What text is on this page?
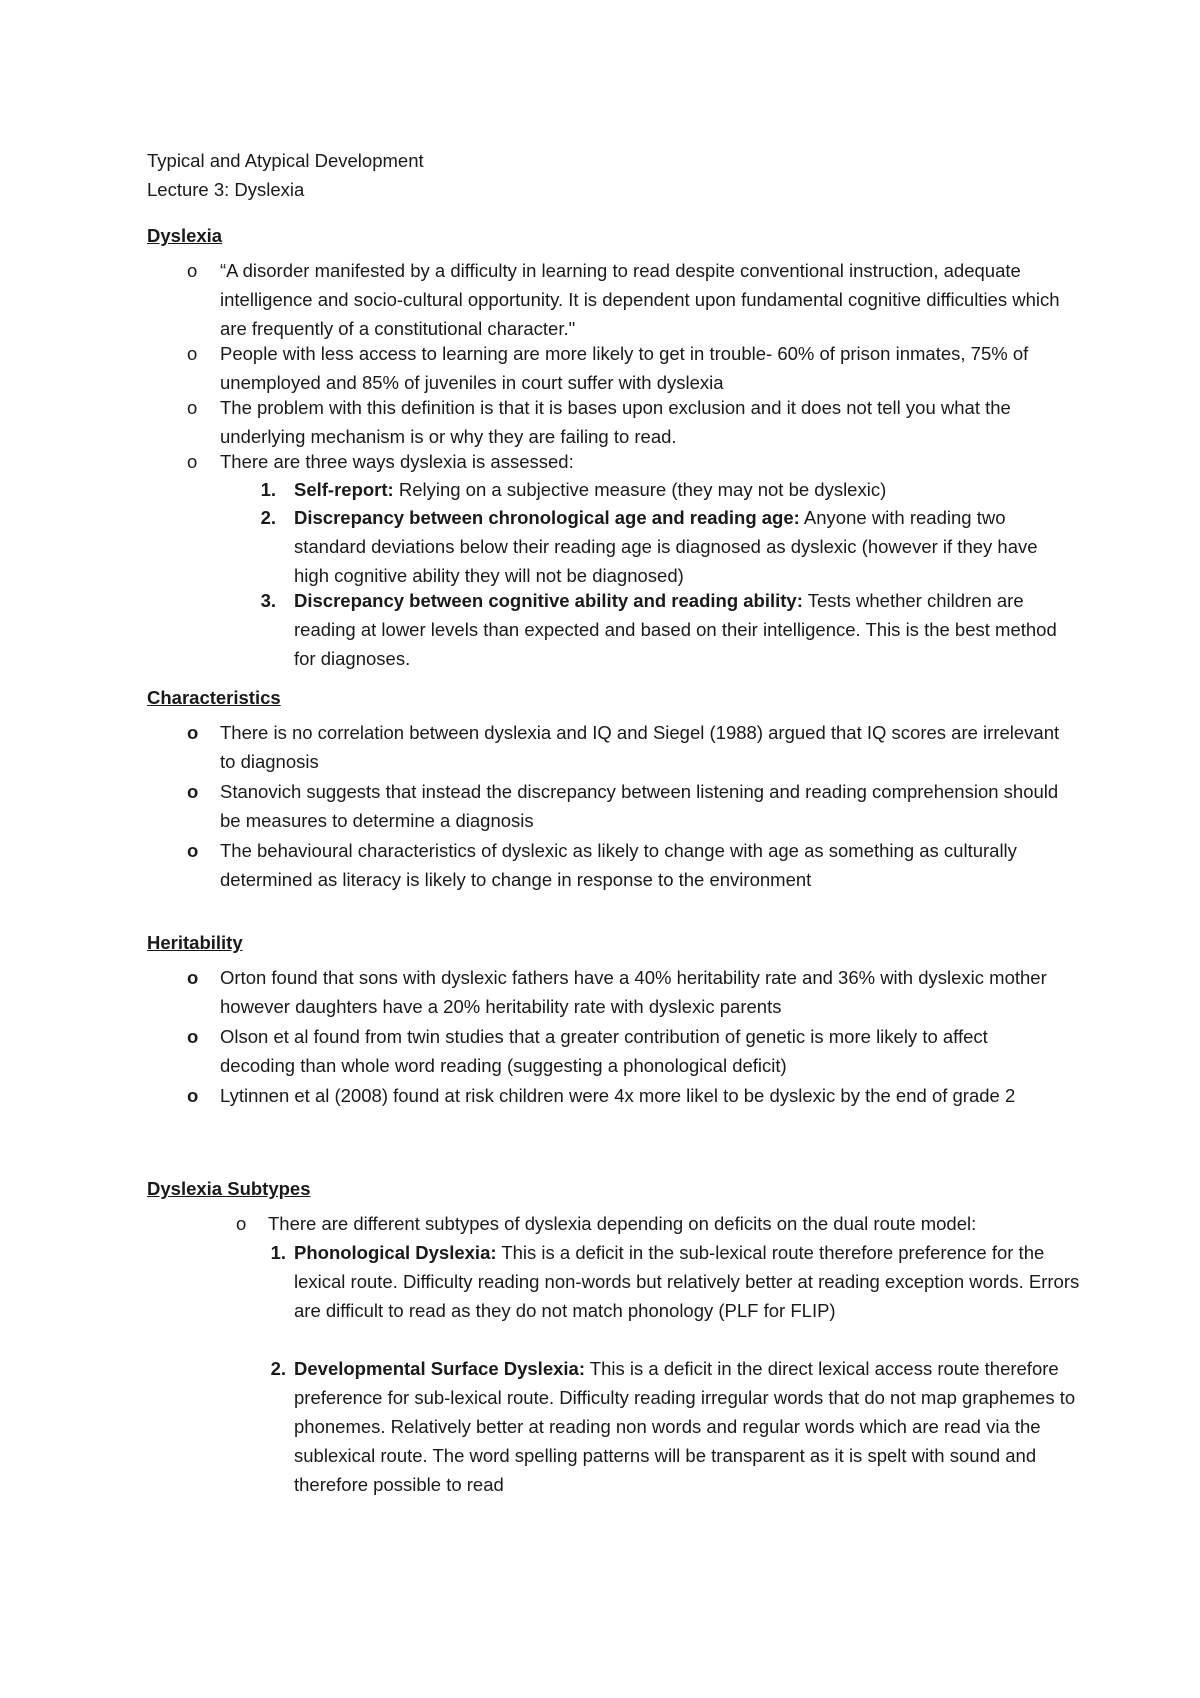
Typical and Atypical Development
Lecture 3: Dyslexia
Dyslexia
o “A disorder manifested by a difficulty in learning to read despite conventional instruction, adequate intelligence and socio-cultural opportunity. It is dependent upon fundamental cognitive difficulties which are frequently of a constitutional character."
o People with less access to learning are more likely to get in trouble- 60% of prison inmates, 75% of unemployed and 85% of juveniles in court suffer with dyslexia
o The problem with this definition is that it is bases upon exclusion and it does not tell you what the underlying mechanism is or why they are failing to read.
o There are three ways dyslexia is assessed:
1. Self-report: Relying on a subjective measure (they may not be dyslexic)
2. Discrepancy between chronological age and reading age: Anyone with reading two standard deviations below their reading age is diagnosed as dyslexic (however if they have high cognitive ability they will not be diagnosed)
3. Discrepancy between cognitive ability and reading ability: Tests whether children are reading at lower levels than expected and based on their intelligence. This is the best method for diagnoses.
Characteristics
o There is no correlation between dyslexia and IQ and Siegel (1988) argued that IQ scores are irrelevant to diagnosis
o Stanovich suggests that instead the discrepancy between listening and reading comprehension should be measures to determine a diagnosis
o The behavioural characteristics of dyslexic as likely to change with age as something as culturally determined as literacy is likely to change in response to the environment
Heritability
o Orton found that sons with dyslexic fathers have a 40% heritability rate and 36% with dyslexic mother however daughters have a 20% heritability rate with dyslexic parents
o Olson et al found from twin studies that a greater contribution of genetic is more likely to affect decoding than whole word reading (suggesting a phonological deficit)
o Lytinnen et al (2008) found at risk children were 4x more likel to be dyslexic by the end of grade 2
Dyslexia Subtypes
o There are different subtypes of dyslexia depending on deficits on the dual route model:
1. Phonological Dyslexia: This is a deficit in the sub-lexical route therefore preference for the lexical route. Difficulty reading non-words but relatively better at reading exception words. Errors are difficult to read as they do not match phonology (PLF for FLIP)
2. Developmental Surface Dyslexia: This is a deficit in the direct lexical access route therefore preference for sub-lexical route. Difficulty reading irregular words that do not map graphemes to phonemes. Relatively better at reading non words and regular words which are read via the sublexical route. The word spelling patterns will be transparent as it is spelt with sound and therefore possible to read
